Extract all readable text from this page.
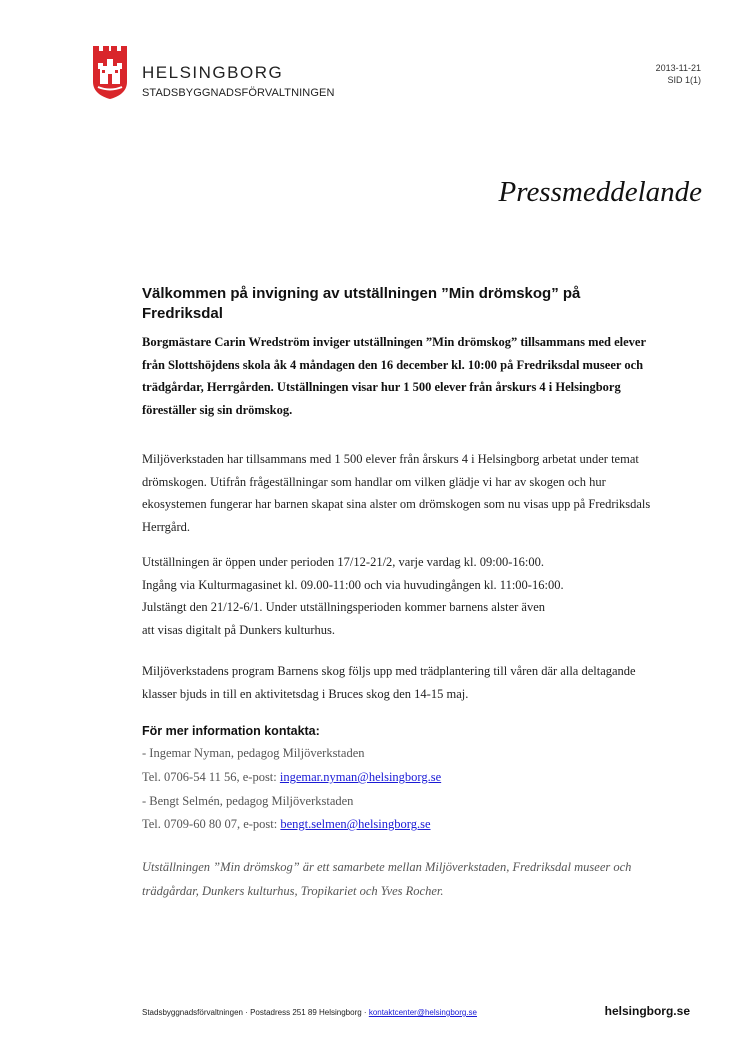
HELSINGBORG
STADSBYGGNADSFÖRVALTNINGEN
2013-11-21
SID 1(1)
Pressmeddelande
Välkommen på invigning av utställningen ”Min drömskog” på Fredriksdal
Borgmästare Carin Wredström inviger utställningen ”Min drömskog” tillsammans med elever från Slottshöjdens skola åk 4 måndagen den 16 december kl. 10:00 på Fredriksdal museer och trädgårdar, Herrgården. Utställningen visar hur 1 500 elever från årskurs 4 i Helsingborg föreställer sig sin drömskog.

Miljöverkstaden har tillsammans med 1 500 elever från årskurs 4 i Helsingborg arbetat under temat drömskogen. Utifrån frågeställningar som handlar om vilken glädje vi har av skogen och hur ekosystemen fungerar har barnen skapat sina alster om drömskogen som nu visas upp på Fredriksdals Herrgård.

Utställningen är öppen under perioden 17/12-21/2, varje vardag kl. 09:00-16:00.

Ingång via Kulturmagasinet kl. 09.00-11:00 och via huvudingången kl. 11:00-16:00.

Julstängt den 21/12-6/1. Under utställningsperioden kommer barnens alster även

att visas digitalt på Dunkers kulturhus.

Miljöverkstadens program Barnens skog följs upp med trädplantering till våren där alla deltagande klasser bjuds in till en aktivitetsdag i Bruces skog den 14-15 maj.

För mer information kontakta:
- Ingemar Nyman, pedagog Miljöverkstaden
Tel. 0706-54 11 56, e-post: ingemar.nyman@helsingborg.se
- Bengt Selmén, pedagog Miljöverkstaden
Tel. 0709-60 80 07, e-post: bengt.selmen@helsingborg.se
Utställningen ”Min drömskog” är ett samarbete mellan Miljöverkstaden, Fredriksdal museer och trädgårdar, Dunkers kulturhus, Tropikariet och Yves Rocher.
Stadsbyggnadsförvaltningen · Postadress 251 89 Helsingborg · kontaktcenter@helsingborg.se	helsingborg.se
